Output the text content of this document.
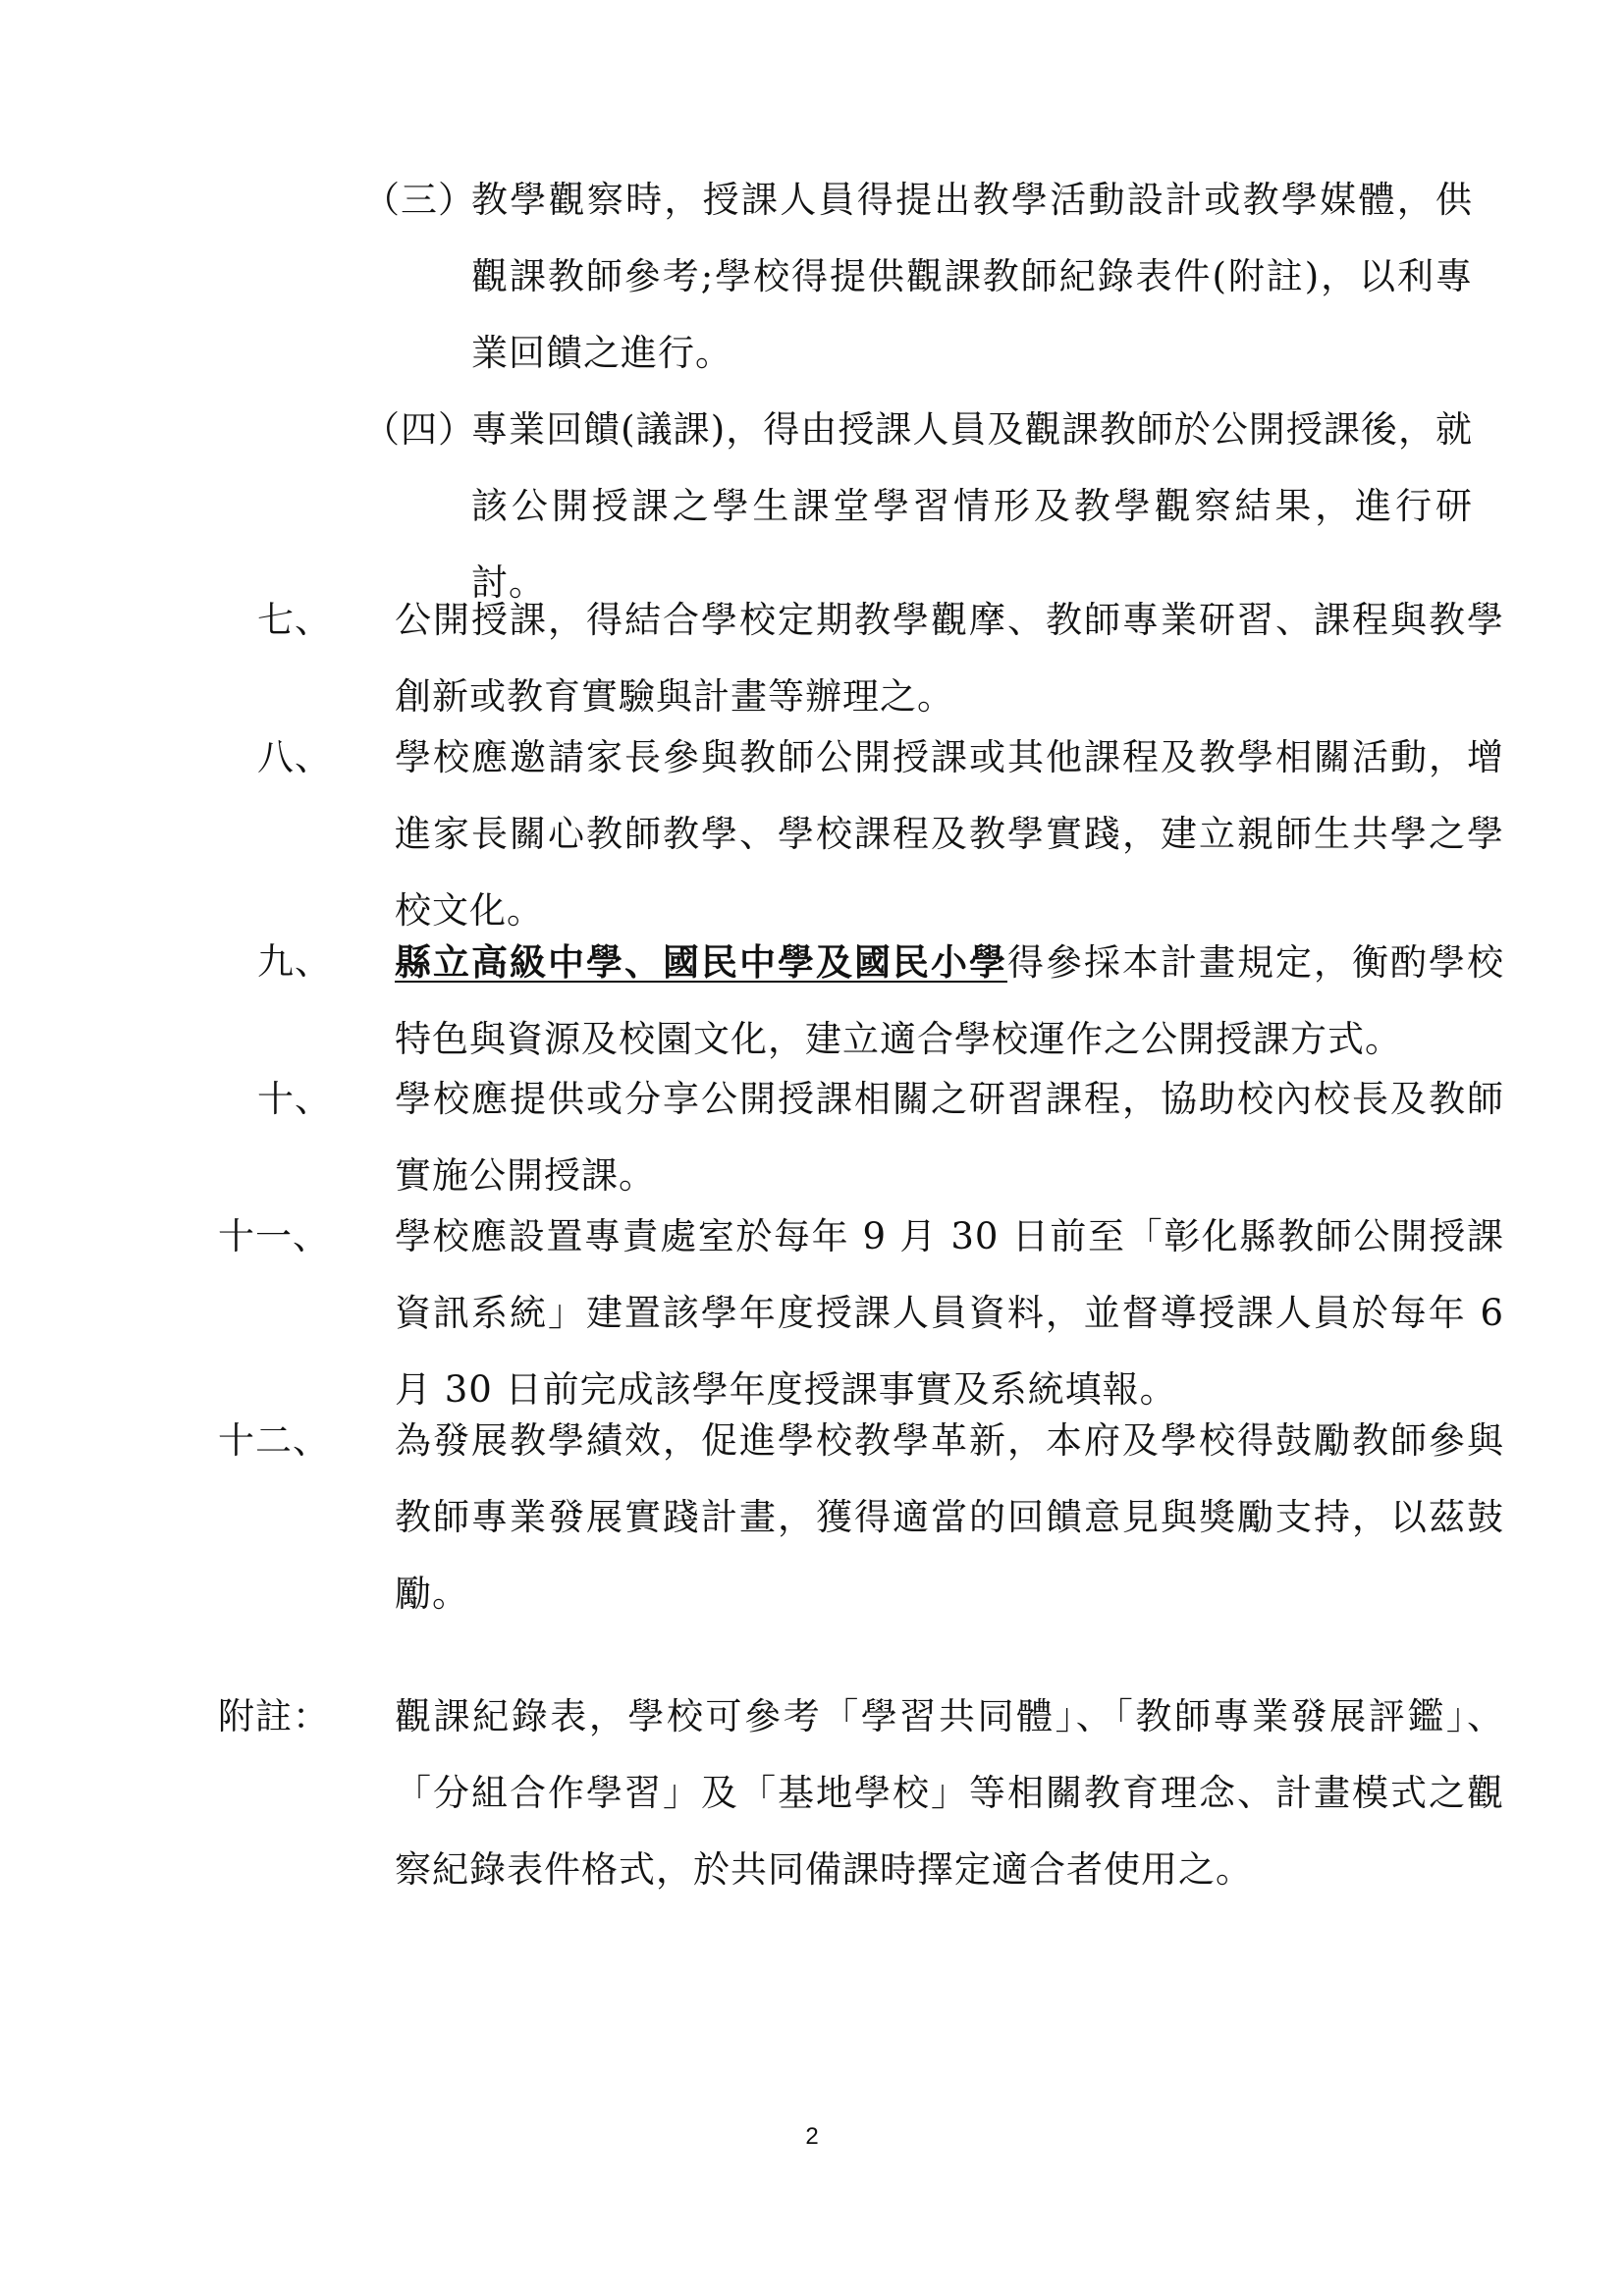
（三）
教學觀察時，授課人員得提出教學活動設計或教學媒體，供觀課教師參考;學校得提供觀課教師紀錄表件(附註)，以利專業回饋之進行。
（四）
專業回饋(議課)，得由授課人員及觀課教師於公開授課後，就該公開授課之學生課堂學習情形及教學觀察結果，進行研討。
七、 公開授課，得結合學校定期教學觀摩、教師專業研習、課程與教學創新或教育實驗與計畫等辦理之。
八、 學校應邀請家長參與教師公開授課或其他課程及教學相關活動，增進家長關心教師教學、學校課程及教學實踐，建立親師生共學之學校文化。
九、 縣立高級中學、國民中學及國民小學得參採本計畫規定，衡酌學校特色與資源及校園文化，建立適合學校運作之公開授課方式。
十、 學校應提供或分享公開授課相關之研習課程，協助校內校長及教師實施公開授課。
十一、 學校應設置專責處室於每年 9 月 30 日前至「彰化縣教師公開授課資訊系統」建置該學年度授課人員資料，並督導授課人員於每年 6 月 30 日前完成該學年度授課事實及系統填報。
十二、 為發展教學績效，促進學校教學革新，本府及學校得鼓勵教師參與教師專業發展實踐計畫，獲得適當的回饋意見與獎勵支持，以茲鼓勵。
附註： 觀課紀錄表，學校可參考「學習共同體」、「教師專業發展評鑑」、「分組合作學習」及「基地學校」等相關教育理念、計畫模式之觀察紀錄表件格式，於共同備課時擇定適合者使用之。
2
